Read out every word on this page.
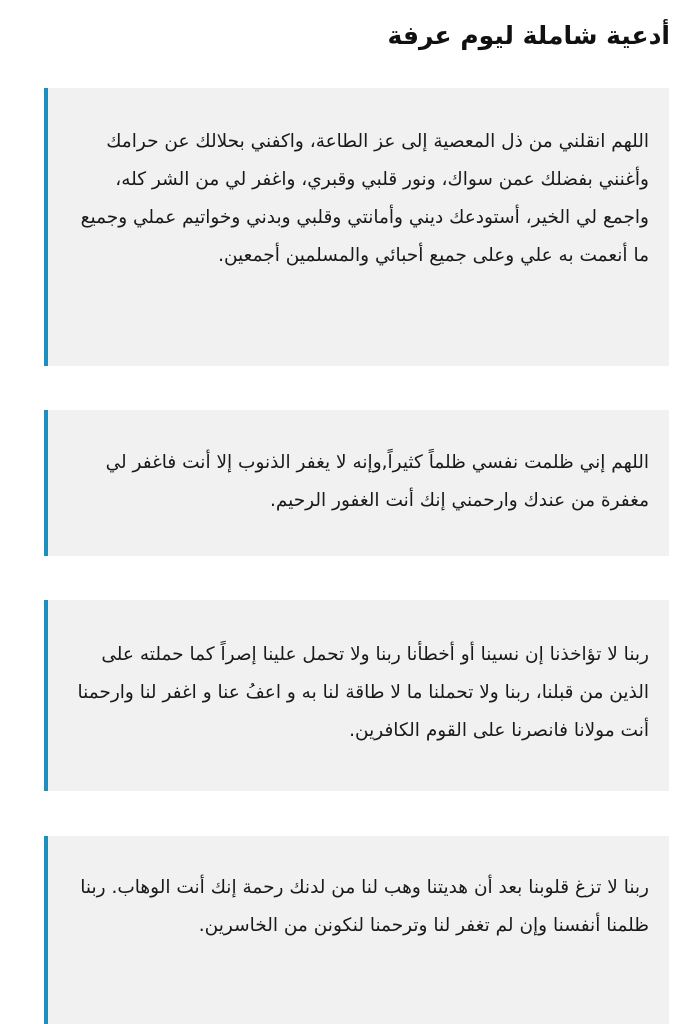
أدعية شاملة ليوم عرفة

اللهم انقلني من ذل المعصية إلى عز الطاعة، واكفني بحلالك عن حرامك وأغنني بفضلك عمن سواك، ونور قلبي وقبري، واغفر لي من الشر كله، واجمع لي الخير، أستودعك ديني وأمانتي وقلبي وبدني وخواتيم عملي وجميع ما أنعمت به علي وعلى جميع أحبائي والمسلمين أجمعين.

اللهم إني ظلمت نفسي ظلماً كثيراً,وإنه لا يغفر الذنوب إلا أنت فاغفر لي مغفرة من عندك وارحمني إنك أنت الغفور الرحيم.

ربنا لا تؤاخذنا إن نسينا أو أخطأنا ربنا ولا تحمل علينا إصراً كما حملته على الذين من قبلنا، ربنا ولا تحملنا ما لا طاقة لنا به و اعفُ عنا و اغفر لنا وارحمنا أنت مولانا فانصرنا على القوم الكافرين.

ربنا لا تزغ قلوبنا بعد أن هديتنا وهب لنا من لدنك رحمة إنك أنت الوهاب. ربنا ظلمنا أنفسنا وإن لم تغفر لنا وترحمنا لنكونن من الخاسرين.
